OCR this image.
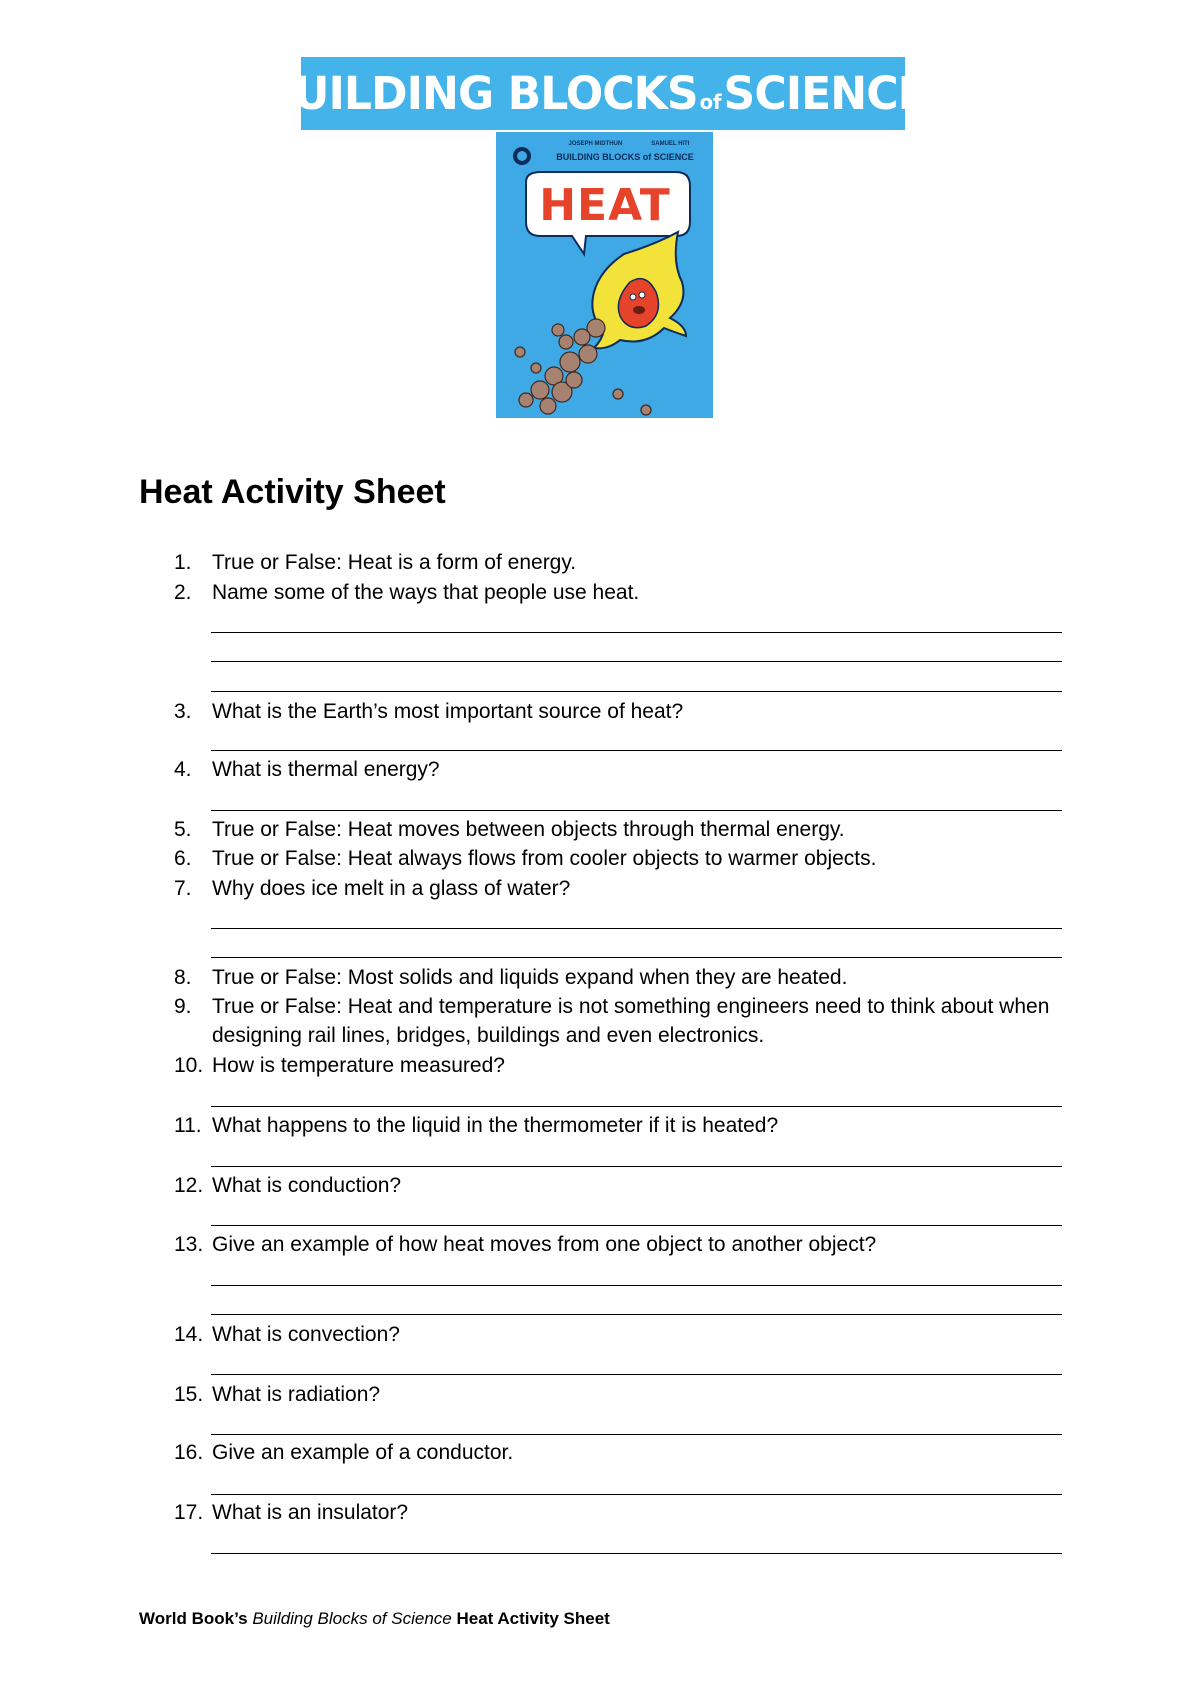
BUILDING BLOCKSofSCIENCE!
JOSEPH MIDTHUN	SAMUEL HITI
BUILDING BLOCKS of SCIENCE
HEAT
Heat Activity Sheet
1. True or False: Heat is a form of energy.
2. Name some of the ways that people use heat.
3. What is the Earth’s most important source of heat?
4. What is thermal energy?
5. True or False: Heat moves between objects through thermal energy.
6. True or False: Heat always flows from cooler objects to warmer objects.
7. Why does ice melt in a glass of water?
8. True or False: Most solids and liquids expand when they are heated.
9. True or False: Heat and temperature is not something engineers need to think about when designing rail lines, bridges, buildings and even electronics.
10. How is temperature measured?
11. What happens to the liquid in the thermometer if it is heated?
12. What is conduction?
13. Give an example of how heat moves from one object to another object?
14. What is convection?
15. What is radiation?
16. Give an example of a conductor.
17. What is an insulator?
World Book’s Building Blocks of Science Heat Activity Sheet
